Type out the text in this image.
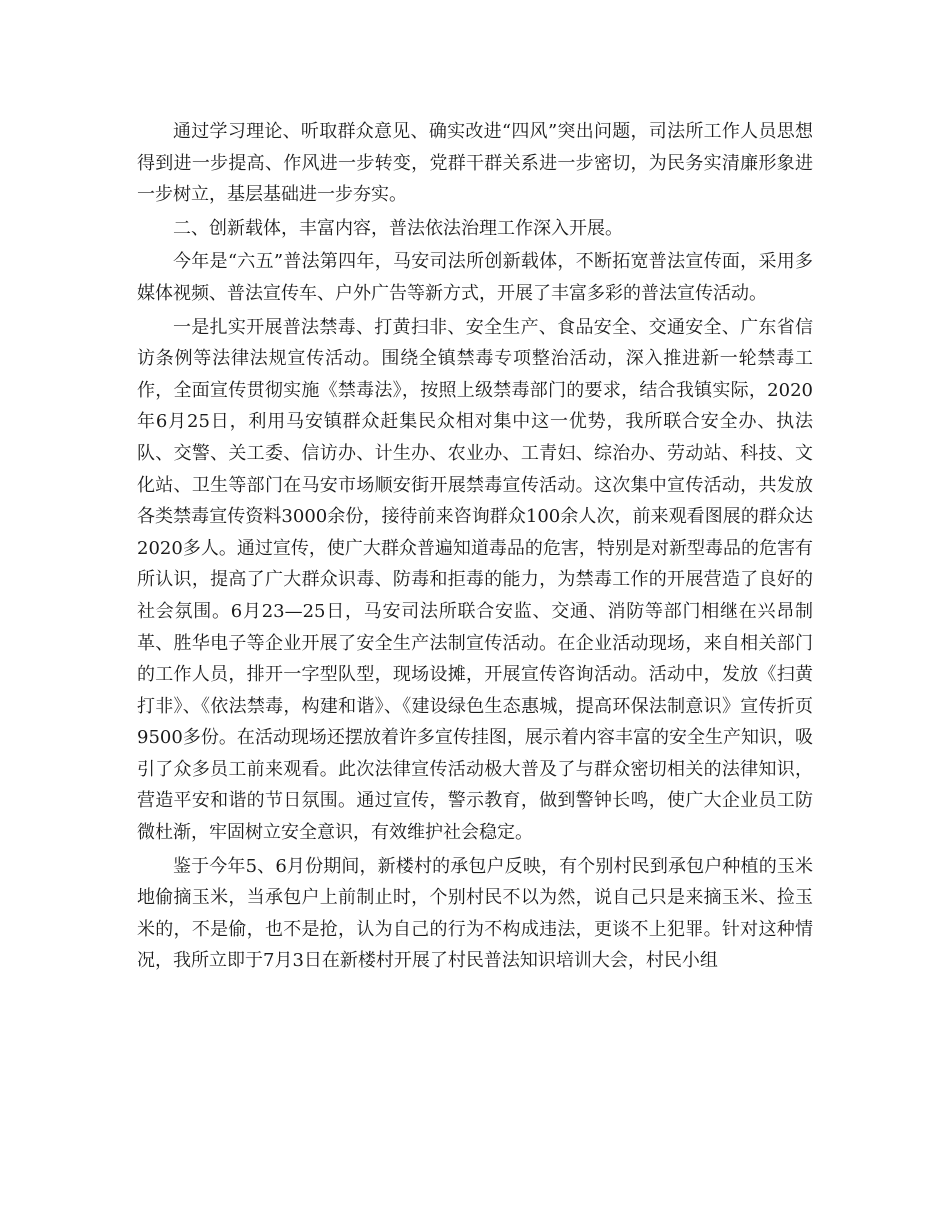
通过学习理论、听取群众意见、确实改进“四风”突出问题，司法所工作人员思想得到进一步提高、作风进一步转变，党群干群关系进一步密切，为民务实清廉形象进一步树立，基层基础进一步夯实。

二、创新载体，丰富内容，普法依法治理工作深入开展。

今年是“六五”普法第四年，马安司法所创新载体，不断拓宽普法宣传面，采用多媒体视频、普法宣传车、户外广告等新方式，开展了丰富多彩的普法宣传活动。

一是扎实开展普法禁毒、打黄扫非、安全生产、食品安全、交通安全、广东省信访条例等法律法规宣传活动。围绕全镇禁毒专项整治活动，深入推进新一轮禁毒工作，全面宣传贯彻实施《禁毒法》，按照上级禁毒部门的要求，结合我镇实际，2020年6月25日，利用马安镇群众赶集民众相对集中这一优势，我所联合安全办、执法队、交警、关工委、信访办、计生办、农业办、工青妇、综治办、劳动站、科技、文化站、卫生等部门在马安市场顺安街开展禁毒宣传活动。这次集中宣传活动，共发放各类禁毒宣传资料3000余份，接待前来咨询群众100余人次，前来观看图展的群众达2020多人。通过宣传，使广大群众普遍知道毒品的危害，特别是对新型毒品的危害有所认识，提高了广大群众识毒、防毒和拒毒的能力，为禁毒工作的开展营造了良好的社会氛围。6月23—25日，马安司法所联合安监、交通、消防等部门相继在兴昂制革、胜华电子等企业开展了安全生产法制宣传活动。在企业活动现场，来自相关部门的工作人员，排开一字型队型，现场设摊，开展宣传咨询活动。活动中，发放《扫黄打非》、《依法禁毒，构建和谐》、《建设绿色生态惠城，提高环保法制意识》宣传折页9500多份。在活动现场还摆放着许多宣传挂图，展示着内容丰富的安全生产知识，吸引了众多员工前来观看。此次法律宣传活动极大普及了与群众密切相关的法律知识，营造平安和谐的节日氛围。通过宣传，警示教育，做到警钟长鸣，使广大企业员工防微杜渐，牢固树立安全意识，有效维护社会稳定。

鉴于今年5、6月份期间，新楼村的承包户反映，有个别村民到承包户种植的玉米地偷摘玉米，当承包户上前制止时，个别村民不以为然，说自己只是来摘玉米、捡玉米的，不是偷，也不是抢，认为自己的行为不构成违法，更谈不上犯罪。针对这种情况，我所立即于7月3日在新楼村开展了村民普法知识培训大会，村民小组
